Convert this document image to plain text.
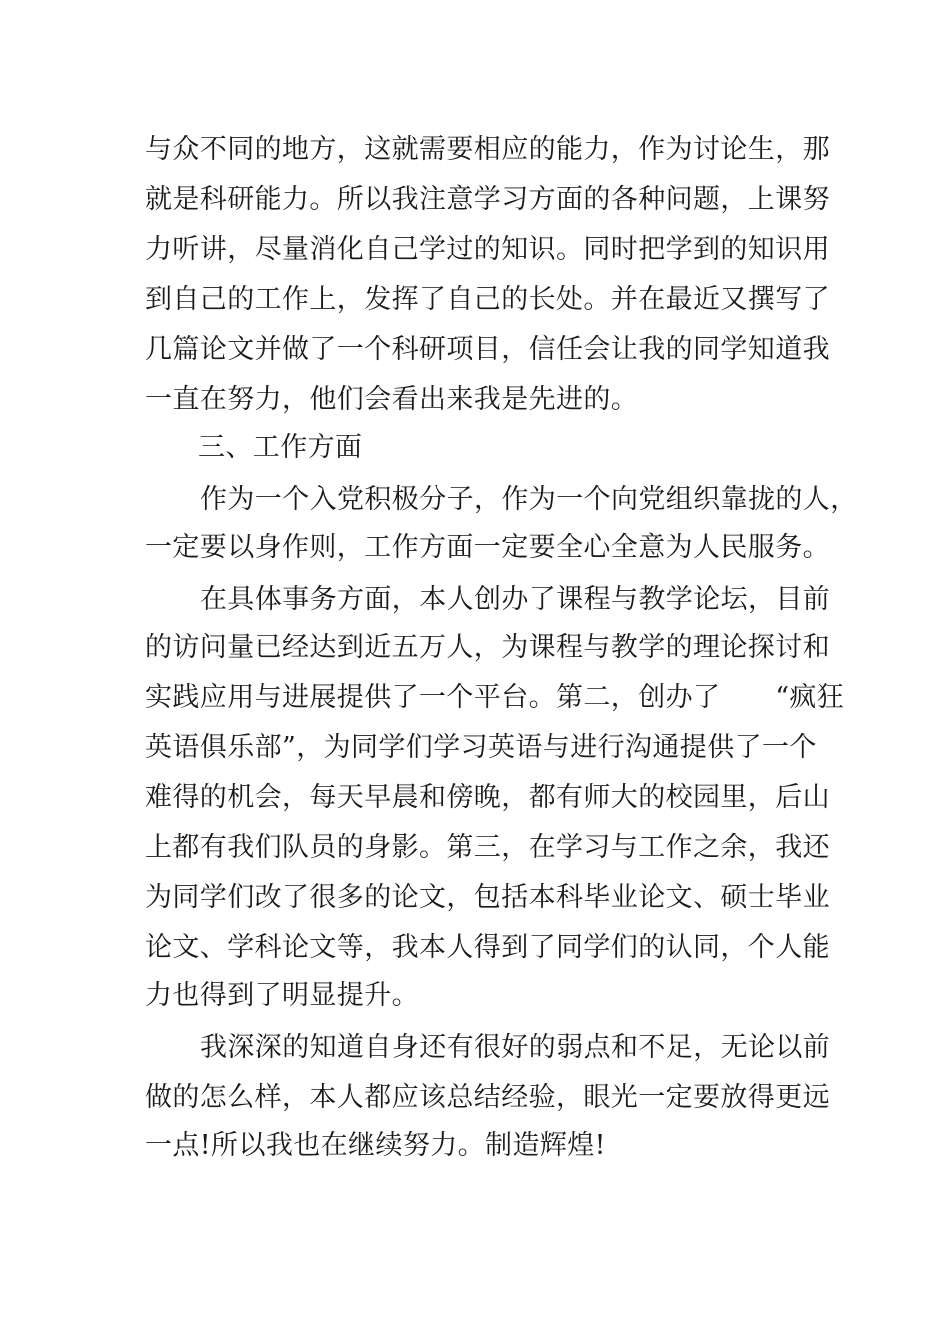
与众不同的地方，这就需要相应的能力，作为讨论生，那
就是科研能力。所以我注意学习方面的各种问题，上课努
力听讲，尽量消化自己学过的知识。同时把学到的知识用
到自己的工作上，发挥了自己的长处。并在最近又撰写了
几篇论文并做了一个科研项目，信任会让我的同学知道我
一直在努力，他们会看出来我是先进的。
三、工作方面
作为一个入党积极分子，作为一个向党组织靠拢的人，
一定要以身作则，工作方面一定要全心全意为人民服务。
在具体事务方面，本人创办了课程与教学论坛，目前
的访问量已经达到近五万人，为课程与教学的理论探讨和
实践应用与进展提供了一个平台。第二，创办了　　“疯狂
英语俱乐部”，为同学们学习英语与进行沟通提供了一个
难得的机会，每天早晨和傍晚，都有师大的校园里，后山
上都有我们队员的身影。第三，在学习与工作之余，我还
为同学们改了很多的论文，包括本科毕业论文、硕士毕业
论文、学科论文等，我本人得到了同学们的认同，个人能
力也得到了明显提升。
我深深的知道自身还有很好的弱点和不足，无论以前
做的怎么样，本人都应该总结经验，眼光一定要放得更远
一点!所以我也在继续努力。制造辉煌!
